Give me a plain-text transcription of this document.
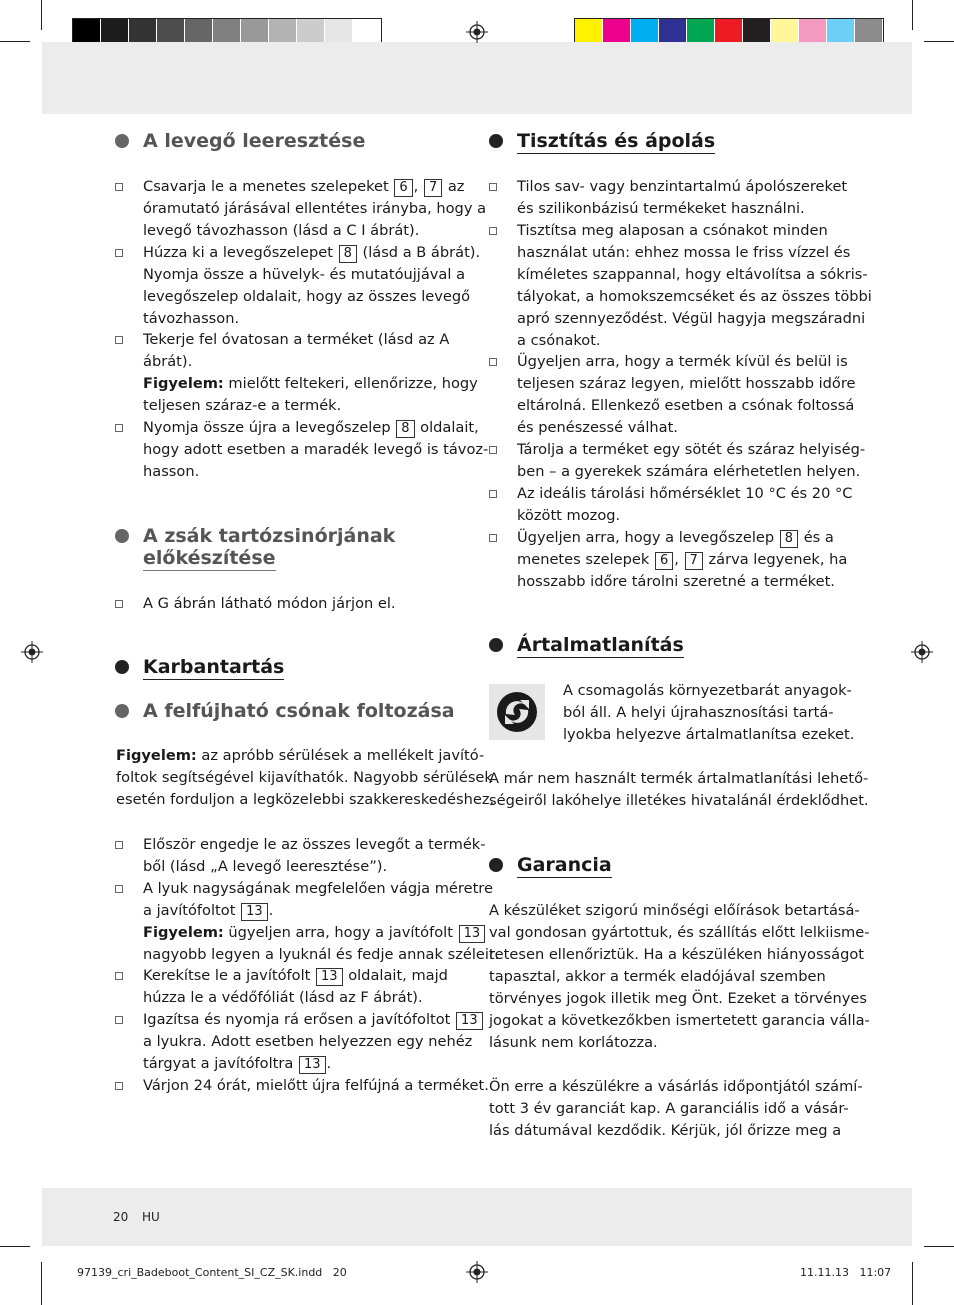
A levegő leeresztése
Csavarja le a menetes szelepeket 6 , 7 az
óramutató járásával ellentétes irányba, hogy a
levegő távozhasson (lásd a C I ábrát).
Húzza ki a levegőszelepet 8 (lásd a B ábrát).
Nyomja össze a hüvelyk- és mutatóujjával a
levegőszelep oldalait, hogy az összes levegő
távozhasson.
Tekerje fel óvatosan a terméket (lásd az A
ábrát).
Figyelem: mielőtt feltekeri, ellenőrizze, hogy
teljesen száraz-e a termék.
Nyomja össze újra a levegőszelep 8 oldalait,
hogy adott esetben a maradék levegő is távoz-
hasson.
A zsák tartózsinórjának
előkészítése
A G ábrán látható módon járjon el.
Karbantartás
A felfújható csónak foltozása
Figyelem: az apróbb sérülések a mellékelt javító-
foltok segítségével kijavíthatók. Nagyobb sérülések
esetén forduljon a legközelebbi szakkereskedéshez.
Először engedje le az összes levegőt a termék-
ből (lásd „A levegő leeresztése”).
A lyuk nagyságának megfelelően vágja méretre
a javítófoltot 13 .
Figyelem: ügyeljen arra, hogy a javítófolt 13
nagyobb legyen a lyuknál és fedje annak széleit.
Kerekítse le a javítófolt 13 oldalait, majd
húzza le a védőfóliát (lásd az F ábrát).
Igazítsa és nyomja rá erősen a javítófoltot 13
a lyukra. Adott esetben helyezzen egy nehéz
tárgyat a javítófoltra 13 .
Várjon 24 órát, mielőtt újra felfújná a terméket.
Tisztítás és ápolás
Tilos sav- vagy benzintartalmú ápolószereket
és szilikonbázisú termékeket használni.
Tisztítsa meg alaposan a csónakot minden
használat után: ehhez mossa le friss vízzel és
kíméletes szappannal, hogy eltávolítsa a sókris-
tályokat, a homokszemcséket és az összes többi
apró szennyeződést. Végül hagyja megszáradni
a csónakot.
Ügyeljen arra, hogy a termék kívül és belül is
teljesen száraz legyen, mielőtt hosszabb időre
eltárolná. Ellenkező esetben a csónak foltossá
és penészessé válhat.
Tárolja a terméket egy sötét és száraz helyiség-
ben – a gyerekek számára elérhetetlen helyen.
Az ideális tárolási hőmérséklet 10 °C és 20 °C
között mozog.
Ügyeljen arra, hogy a levegőszelep 8 és a
menetes szelepek 6 , 7 zárva legyenek, ha
hosszabb időre tárolni szeretné a terméket.
Ártalmatlanítás
A csomagolás környezetbarát anyagok-
ból áll. A helyi újrahasznosítási tartá-
lyokba helyezve ártalmatlanítsa ezeket.
A már nem használt termék ártalmatlanítási lehető-
ségeiről lakóhelye illetékes hivatalánál érdeklődhet.
Garancia
A készüléket szigorú minőségi előírások betartásá-
val gondosan gyártottuk, és szállítás előtt lelkiisme-
retesen ellenőriztük. Ha a készüléken hiányosságot
tapasztal, akkor a termék eladójával szemben
törvényes jogok illetik meg Önt. Ezeket a törvényes
jogokat a következőkben ismertetett garancia válla-
lásunk nem korlátozza.
Ön erre a készülékre a vásárlás időpontjától számí-
tott 3 év garanciát kap. A garanciális idő a vásár-
lás dátumával kezdődik. Kérjük, jól őrizze meg a
20 HU
97139_cri_Badeboot_Content_SI_CZ_SK.indd   20	11.11.13   11:07
